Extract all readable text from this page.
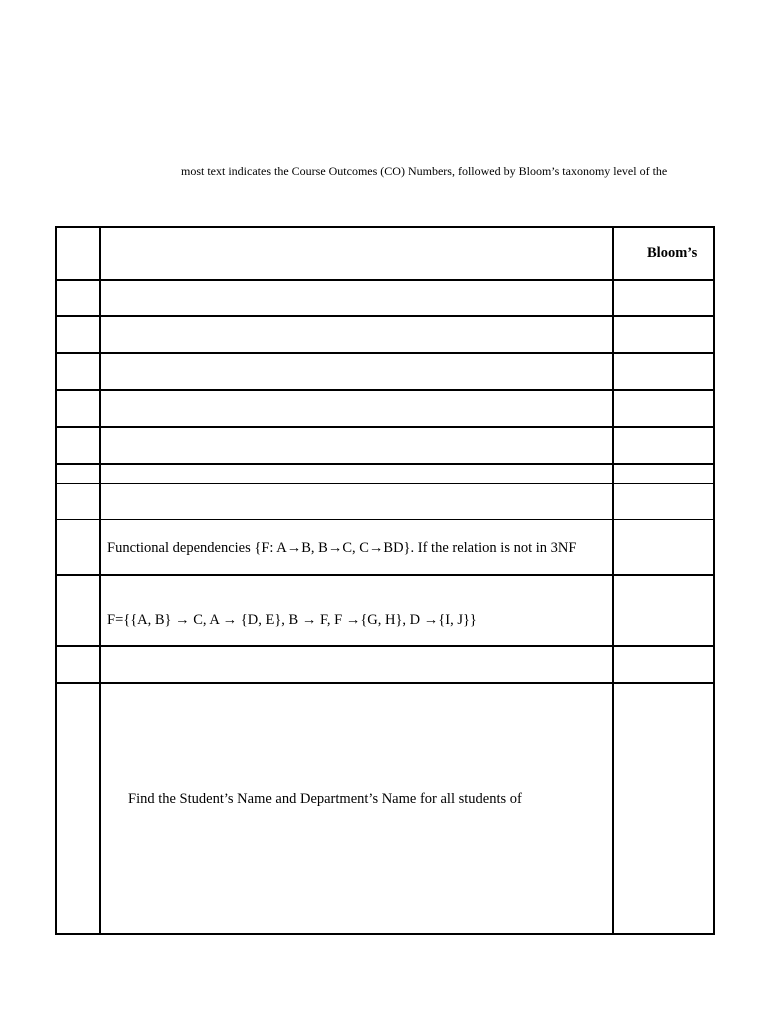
most text indicates the Course Outcomes (CO) Numbers, followed by Bloom’s taxonomy level of the
Bloom’s
Functional dependencies {F: A→B, B→C, C→BD}. If the relation is not in 3NF
F={{A, B} → C, A → {D, E}, B → F, F →{G, H}, D →{I, J}}
Find the Student’s Name and Department’s Name for all students of
